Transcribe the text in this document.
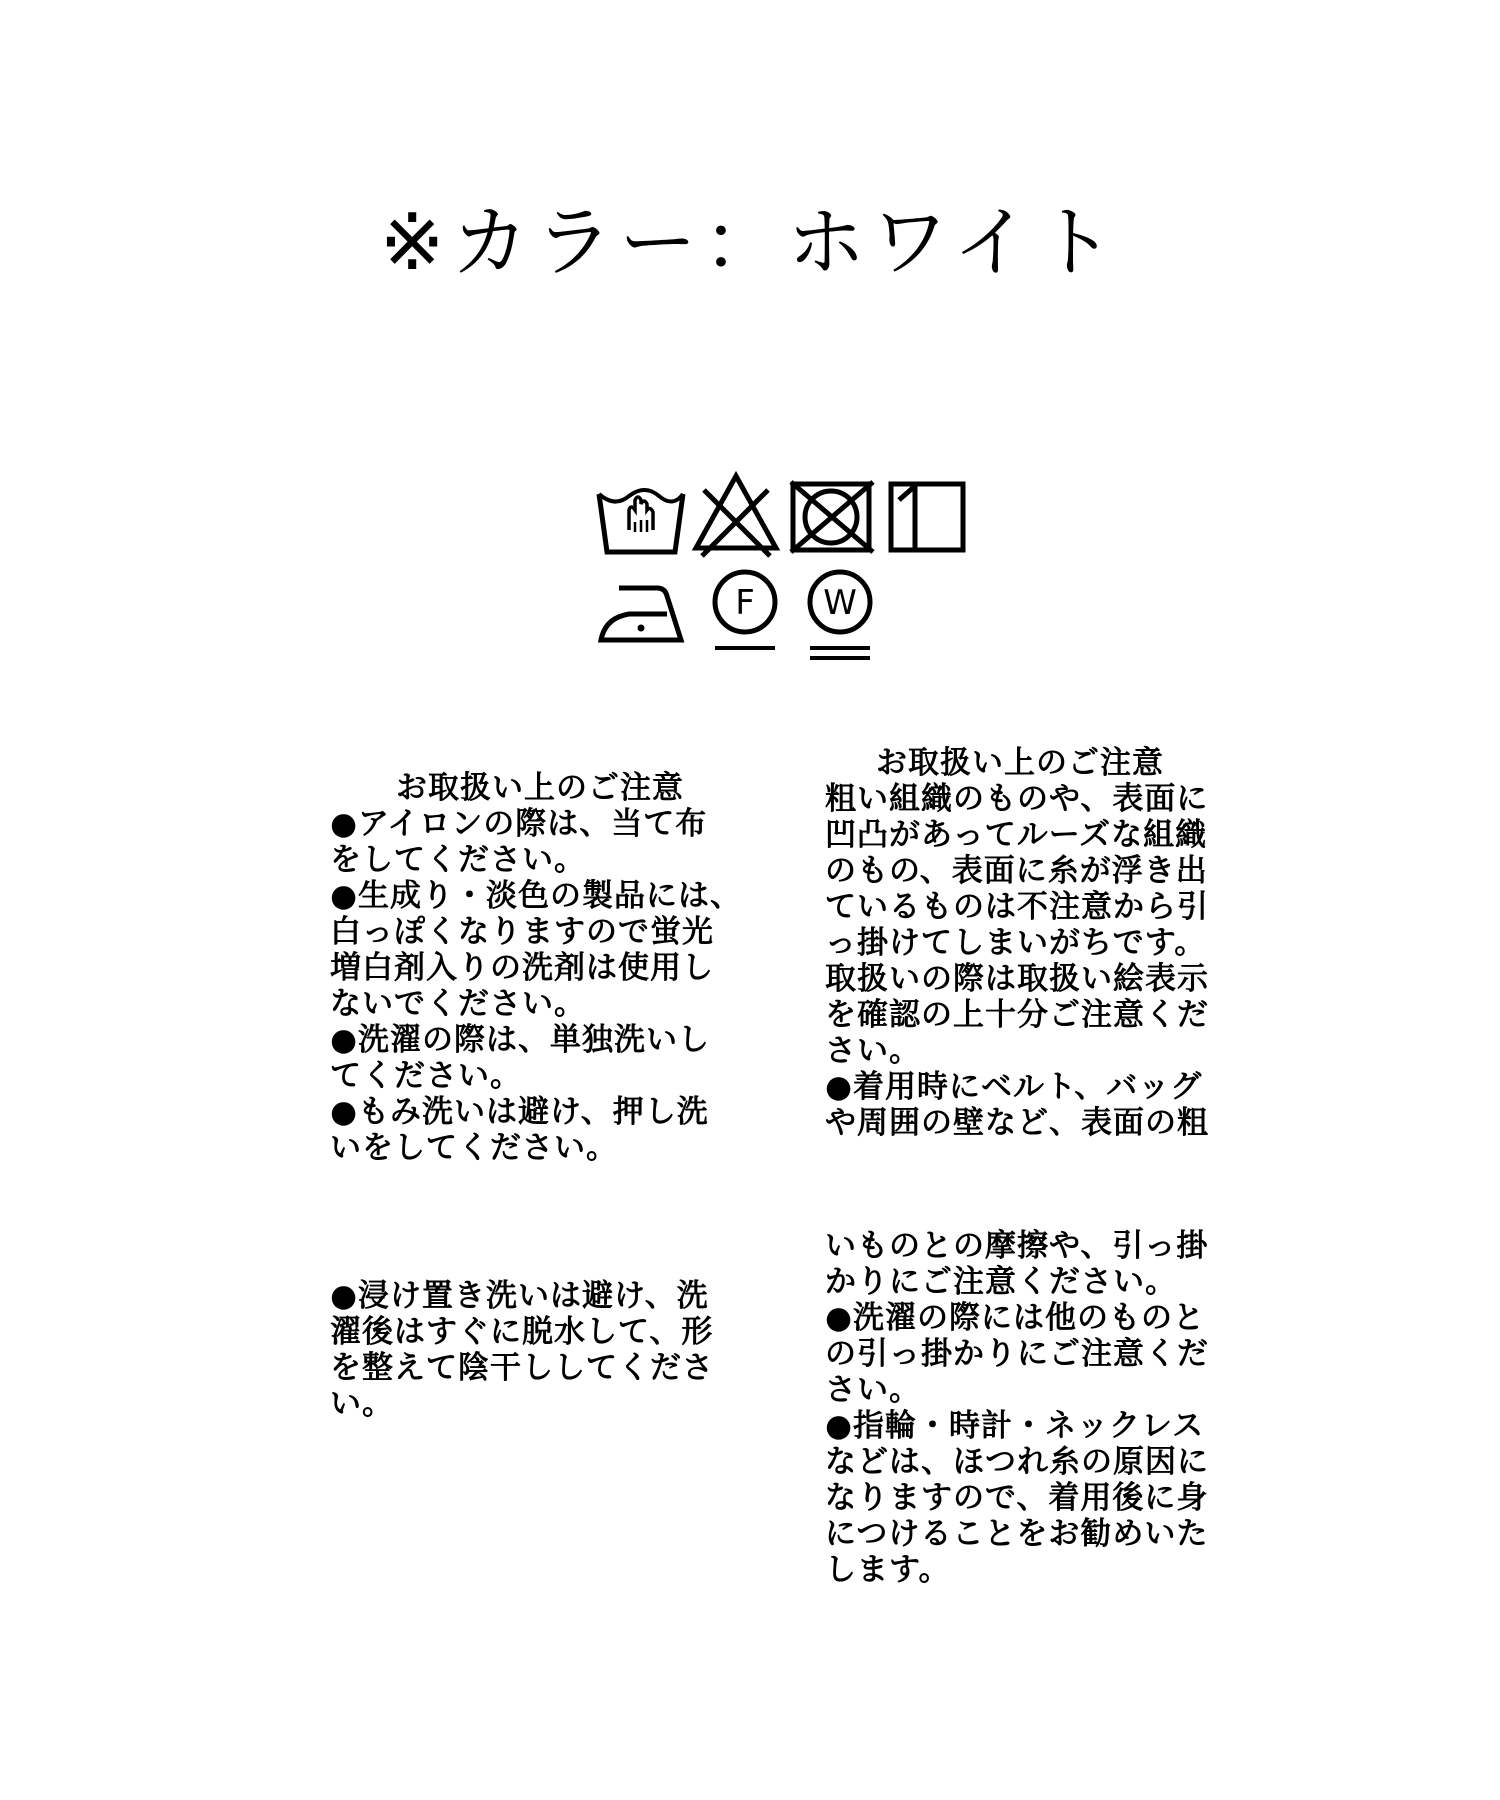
※カラー：ホワイト
F W

お取扱い上のご注意

●アイロンの際は、当て布

をしてください。

●生成り・淡色の製品には、

白っぽくなりますので蛍光

増白剤入りの洗剤は使用し

ないでください。

●洗濯の際は、単独洗いし

てください。

●もみ洗いは避け、押し洗

いをしてください。

●浸け置き洗いは避け、洗

濯後はすぐに脱水して、形

を整えて陰干ししてくださ

い。

お取扱い上のご注意

粗い組織のものや、表面に

凹凸があってルーズな組織

のもの、表面に糸が浮き出

ているものは不注意から引

っ掛けてしまいがちです。

取扱いの際は取扱い絵表示

を確認の上十分ご注意くだ

さい。

●着用時にベルト、バッグ

や周囲の壁など、表面の粗

いものとの摩擦や、引っ掛

かりにご注意ください。

●洗濯の際には他のものと

の引っ掛かりにご注意くだ

さい。

●指輪・時計・ネックレス

などは、ほつれ糸の原因に

なりますので、着用後に身

につけることをお勧めいた

します。
